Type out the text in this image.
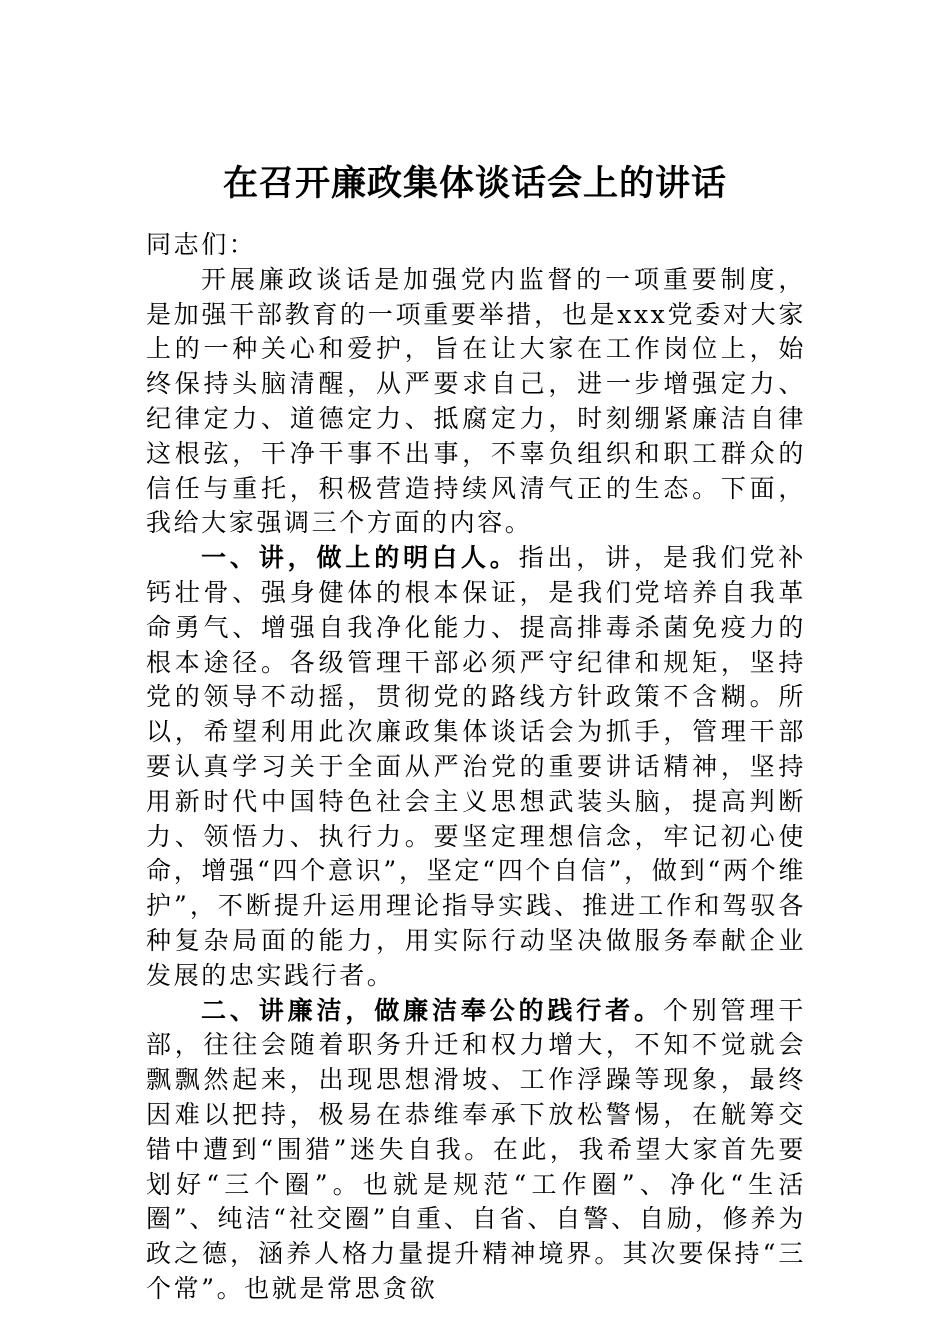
在召开廉政集体谈话会上的讲话

同志们：

开展廉政谈话是加强党内监督的一项重要制度，是加强干部教育的一项重要举措，也是xxx党委对大家上的一种关心和爱护，旨在让大家在工作岗位上，始终保持头脑清醒，从严要求自己，进一步增强定力、纪律定力、道德定力、抵腐定力，时刻绷紧廉洁自律这根弦，干净干事不出事，不辜负组织和职工群众的信任与重托，积极营造持续风清气正的生态。下面，我给大家强调三个方面的内容。

一、讲，做上的明白人。指出，讲，是我们党补钙壮骨、强身健体的根本保证，是我们党培养自我革命勇气、增强自我净化能力、提高排毒杀菌免疫力的根本途径。各级管理干部必须严守纪律和规矩，坚持党的领导不动摇，贯彻党的路线方针政策不含糊。所以，希望利用此次廉政集体谈话会为抓手，管理干部要认真学习关于全面从严治党的重要讲话精神，坚持用新时代中国特色社会主义思想武装头脑，提高判断力、领悟力、执行力。要坚定理想信念，牢记初心使命，增强“四个意识”，坚定“四个自信”，做到“两个维护”，不断提升运用理论指导实践、推进工作和驾驭各种复杂局面的能力，用实际行动坚决做服务奉献企业发展的忠实践行者。

二、讲廉洁，做廉洁奉公的践行者。个别管理干部，往往会随着职务升迁和权力增大，不知不觉就会飘飘然起来，出现思想滑坡、工作浮躁等现象，最终因难以把持，极易在恭维奉承下放松警惕，在觥筹交错中遭到“围猎”迷失自我。在此，我希望大家首先要划好“三个圈”。也就是规范“工作圈”、净化“生活圈”、纯洁“社交圈”自重、自省、自警、自励，修养为政之德，涵养人格力量提升精神境界。其次要保持“三个常”。也就是常思贪欲
